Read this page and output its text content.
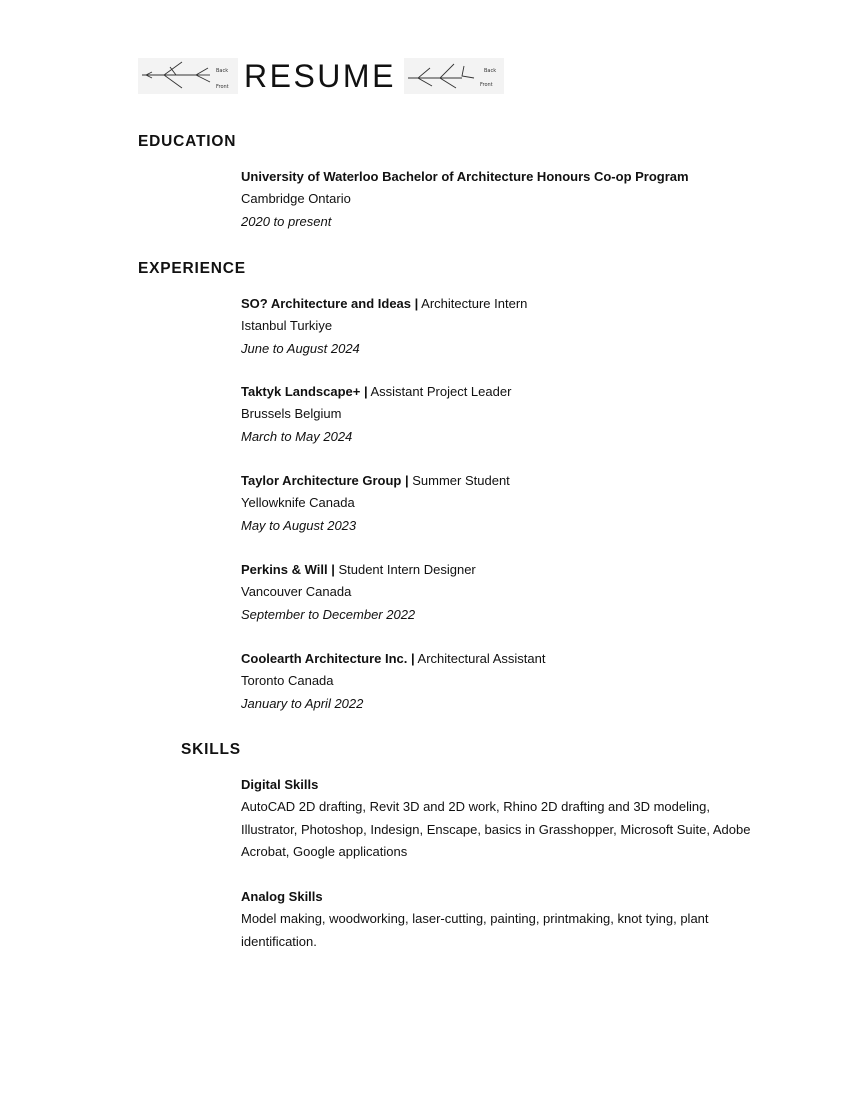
Back
Front RESUME	Back
Front
EDUCATION
University of Waterloo Bachelor of Architecture Honours Co-op Program
Cambridge Ontario
2020 to present
EXPERIENCE
SO? Architecture and Ideas | Architecture Intern
Istanbul Turkiye
June to August 2024
Taktyk Landscape+ | Assistant Project Leader
Brussels Belgium
March to May 2024
Taylor Architecture Group | Summer Student
Yellowknife Canada
May to August 2023
Perkins & Will | Student Intern Designer
Vancouver Canada
September to December 2022
Coolearth Architecture Inc. | Architectural Assistant
Toronto Canada
January to April 2022
SKILLS
Digital Skills
AutoCAD 2D drafting, Revit 3D and 2D work, Rhino 2D drafting and 3D modeling,
Illustrator, Photoshop, Indesign, Enscape, basics in Grasshopper, Microsoft Suite, Adobe
Acrobat, Google applications
Analog Skills
Model making, woodworking, laser-cutting, painting, printmaking, knot tying, plant
identification.
